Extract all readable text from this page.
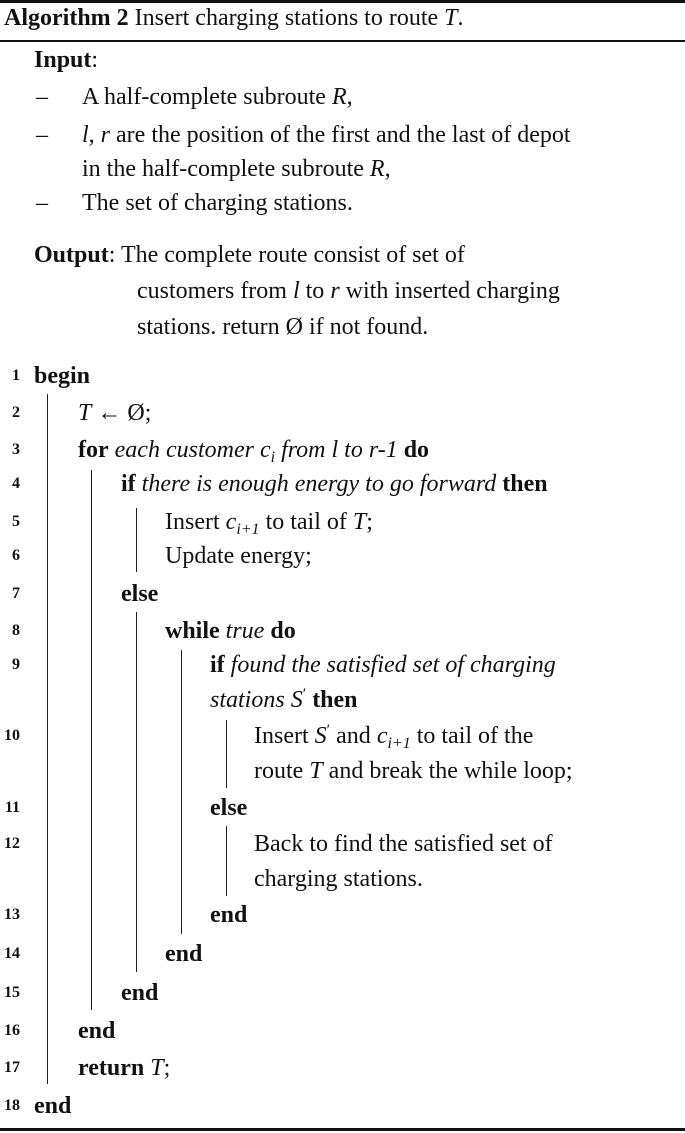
Algorithm 2 Insert charging stations to route T.
Input:
– A half-complete subroute R,
– l, r are the position of the first and the last of depot
in the half-complete subroute R,
– The set of charging stations.
Output: The complete route consist of set of
customers from l to r with inserted charging
stations. return Ø if not found.
1 begin
2 T ← Ø;
3 for each customer $c_i$ from l to r-1 do
4	if there is enough energy to go forward then
5	Insert $c_{i+1}$ to tail of T;
6	Update energy;
7	else
8	while true do
9	if found the satisfied set of charging
stations S′ then
10	Insert S′ and $c_{i+1}$ to tail of the
route T and break the while loop;
11	else
12	Back to find the satisfied set of
charging stations.
13	end
14	end
15	end
16 end
17 return T;
18 end
